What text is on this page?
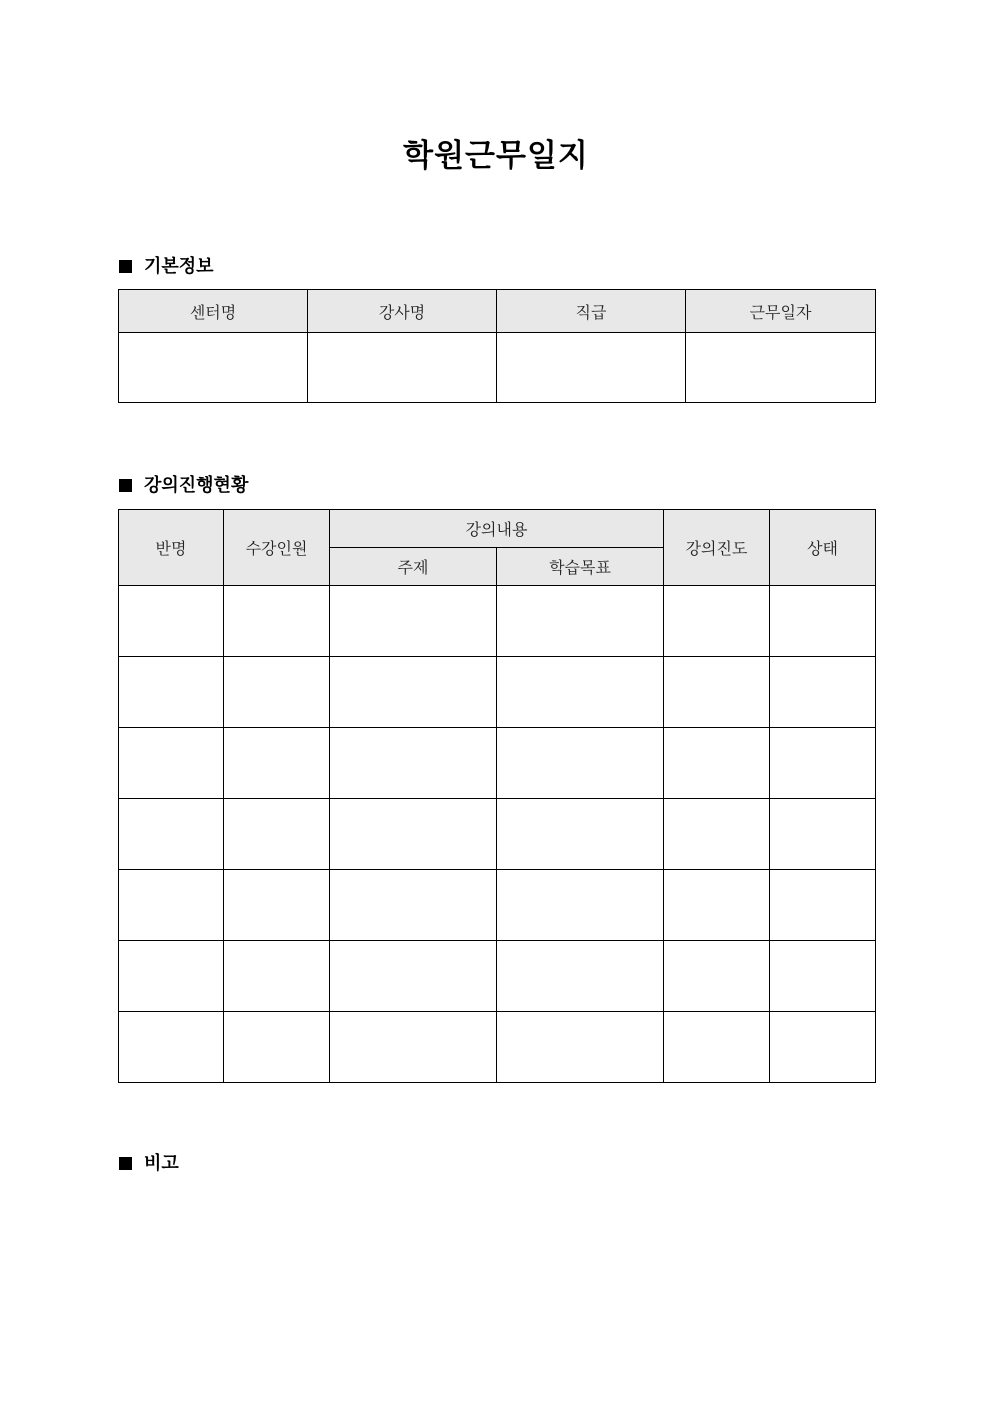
학원근무일지
기본정보
센터명	강사명	직급	근무일자

강의진행현황
반명	수강인원	강의내용		강의진도	상태
		주제	학습목표		

비고
